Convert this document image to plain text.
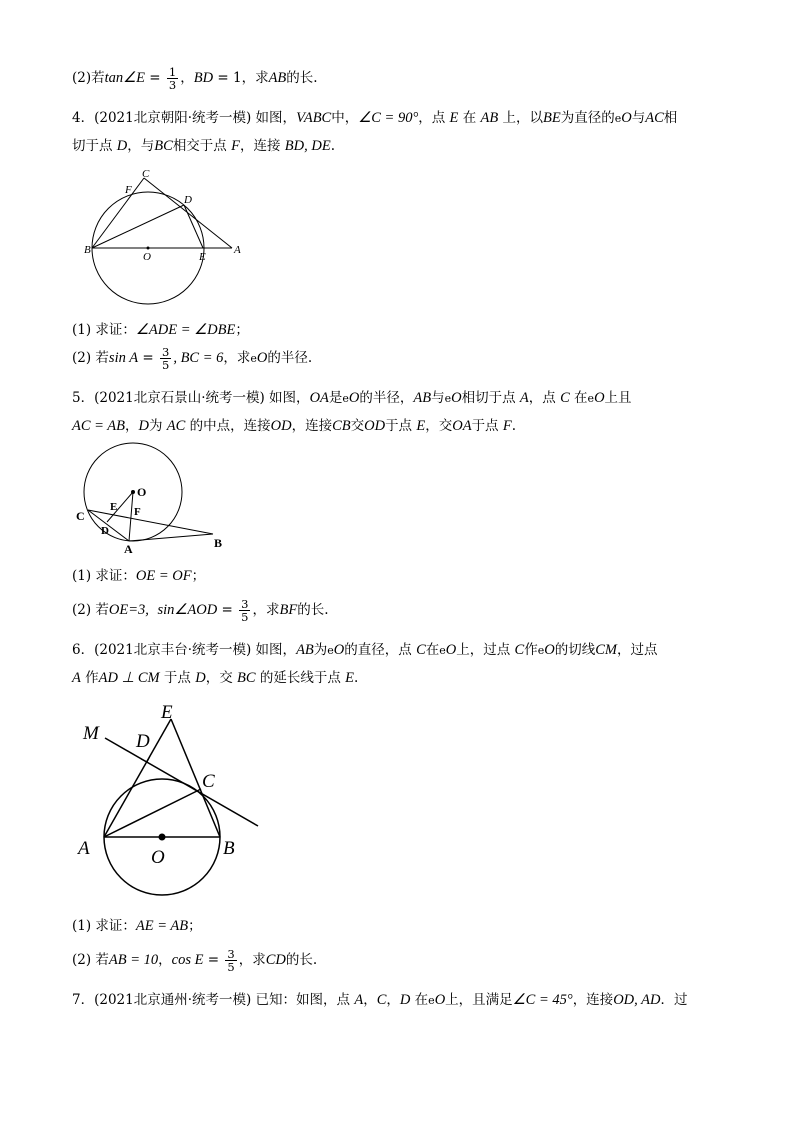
(2)若tan∠E = $\frac{1}{3}$ ，BD = 1，求AB的长.
4．(2021北京朝阳·统考一模) 如图，VABC中，∠C = 90°，点 E 在 AB 上，以BE为直径的eO与AC相
切于点 D，与BC相交于点 F，连接 BD, DE.
C
F
D
B
O	E
A
(1) 求证：∠ADE = ∠DBE；
(2) 若$\sin A = \frac{3}{5}$ , BC = 6，求eO的半径.
5．(2021北京石景山·统考一模) 如图，OA是eO的半径，AB与eO相切于点 A，点 C 在eO上且
AC = AB，D为 AC 的中点，连接OD，连接CB交OD于点 E，交OA于点 F.
O
E
C	F
D
A	B
(1) 求证：OE = OF；
(2) 若OE=3, sin∠AOD = $\frac{3}{5}$ ，求BF的长.
6．(2021北京丰台·统考一模) 如图，AB为eO的直径，点 C在eO上，过点 C作eO的切线CM，过点
A 作AD ⊥ CM 于点 D，交 BC 的延长线于点 E.
E
M D
C
A	B
O
(1) 求证：AE = AB；
(2) 若AB = 10，$\cos E = \frac{3}{5}$ ，求CD的长.
7．(2021北京通州·统考一模) 已知：如图，点 A，C，D 在eO上，且满足∠C = 45°，连接OD, AD．过
